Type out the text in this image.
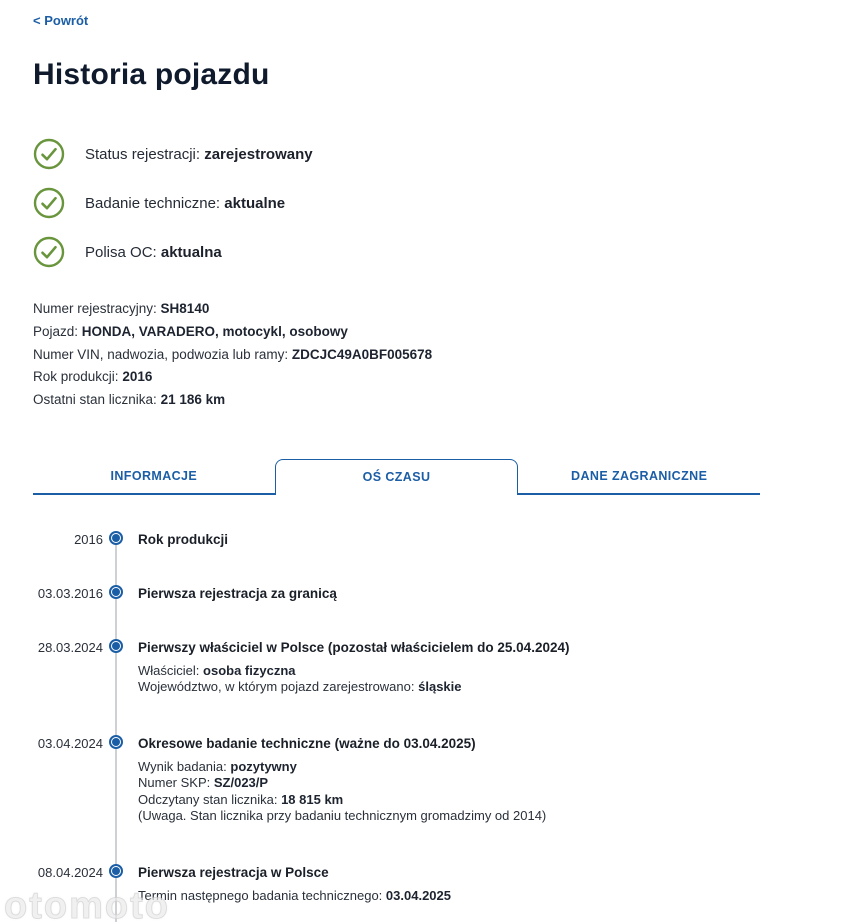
< Powrót
Historia pojazdu
Status rejestracji: zarejestrowany
Badanie techniczne: aktualne
Polisa OC: aktualna
Numer rejestracyjny: SH8140
Pojazd: HONDA, VARADERO, motocykl, osobowy
Numer VIN, nadwozia, podwozia lub ramy: ZDCJC49A0BF005678
Rok produkcji: 2016
Ostatni stan licznika: 21 186 km
INFORMACJE	OŚ CZASU	DANE ZAGRANICZNE
2016	Rok produkcji
03.03.2016	Pierwsza rejestracja za granicą
28.03.2024	Pierwszy właściciel w Polsce (pozostał właścicielem do 25.04.2024)
Właściciel: osoba fizyczna
Województwo, w którym pojazd zarejestrowano: śląskie
03.04.2024	Okresowe badanie techniczne (ważne do 03.04.2025)
Wynik badania: pozytywny
Numer SKP: SZ/023/P
Odczytany stan licznika: 18 815 km
(Uwaga. Stan licznika przy badaniu technicznym gromadzimy od 2014)
08.04.2024	Pierwsza rejestracja w Polsce
Termin następnego badania technicznego: 03.04.2025
otomoto
